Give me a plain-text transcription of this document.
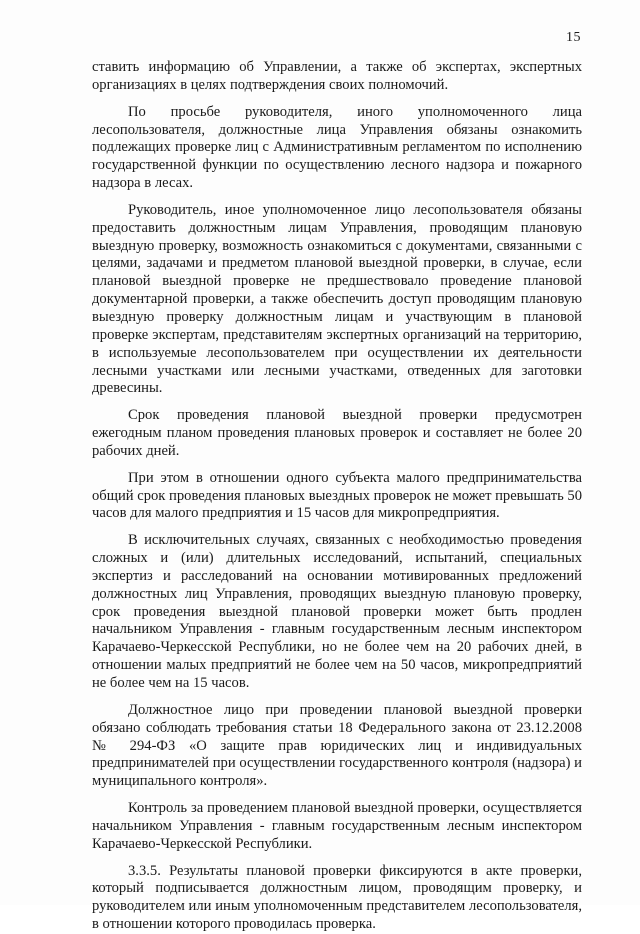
15

ставить информацию об Управлении, а также об экспертах, экспертных организациях в целях подтверждения своих полномочий.

По просьбе руководителя, иного уполномоченного лица лесопользователя, должностные лица Управления обязаны ознакомить подлежащих проверке лиц с Административным регламентом по исполнению государственной функции по осуществлению лесного надзора и пожарного надзора в лесах.

Руководитель, иное уполномоченное лицо лесопользователя обязаны предоставить должностным лицам Управления, проводящим плановую выездную проверку, возможность ознакомиться с документами, связанными с целями, задачами и предметом плановой выездной проверки, в случае, если плановой выездной проверке не предшествовало проведение плановой документарной проверки, а также обеспечить доступ проводящим плановую выездную проверку должностным лицам и участвующим в плановой проверке экспертам, представителям экспертных организаций на территорию, в используемые лесопользователем при осуществлении их деятельности лесными участками или лесными участками, отведенных для заготовки древесины.

Срок проведения плановой выездной проверки предусмотрен ежегодным планом проведения плановых проверок и составляет не более 20 рабочих дней.

При этом в отношении одного субъекта малого предпринимательства общий срок проведения плановых выездных проверок не может превышать 50 часов для малого предприятия и 15 часов для микропредприятия.

В исключительных случаях, связанных с необходимостью проведения сложных и (или) длительных исследований, испытаний, специальных экспертиз и расследований на основании мотивированных предложений должностных лиц Управления, проводящих выездную плановую проверку, срок проведения выездной плановой проверки может быть продлен начальником Управления - главным государственным лесным инспектором Карачаево-Черкесской Республики, но не более чем на 20 рабочих дней, в отношении малых предприятий не более чем на 50 часов, микропредприятий не более чем на 15 часов.

Должностное лицо при проведении плановой выездной проверки обязано соблюдать требования статьи 18 Федерального закона от 23.12.2008 № 294-ФЗ «О защите прав юридических лиц и индивидуальных предпринимателей при осуществлении государственного контроля (надзора) и муниципального контроля».

Контроль за проведением плановой выездной проверки, осуществляется начальником Управления - главным государственным лесным инспектором Карачаево-Черкесской Республики.

3.3.5. Результаты плановой проверки фиксируются в акте проверки, который подписывается должностным лицом, проводящим проверку, и руководителем или иным уполномоченным представителем лесопользователя, в отношении которого проводилась проверка.
